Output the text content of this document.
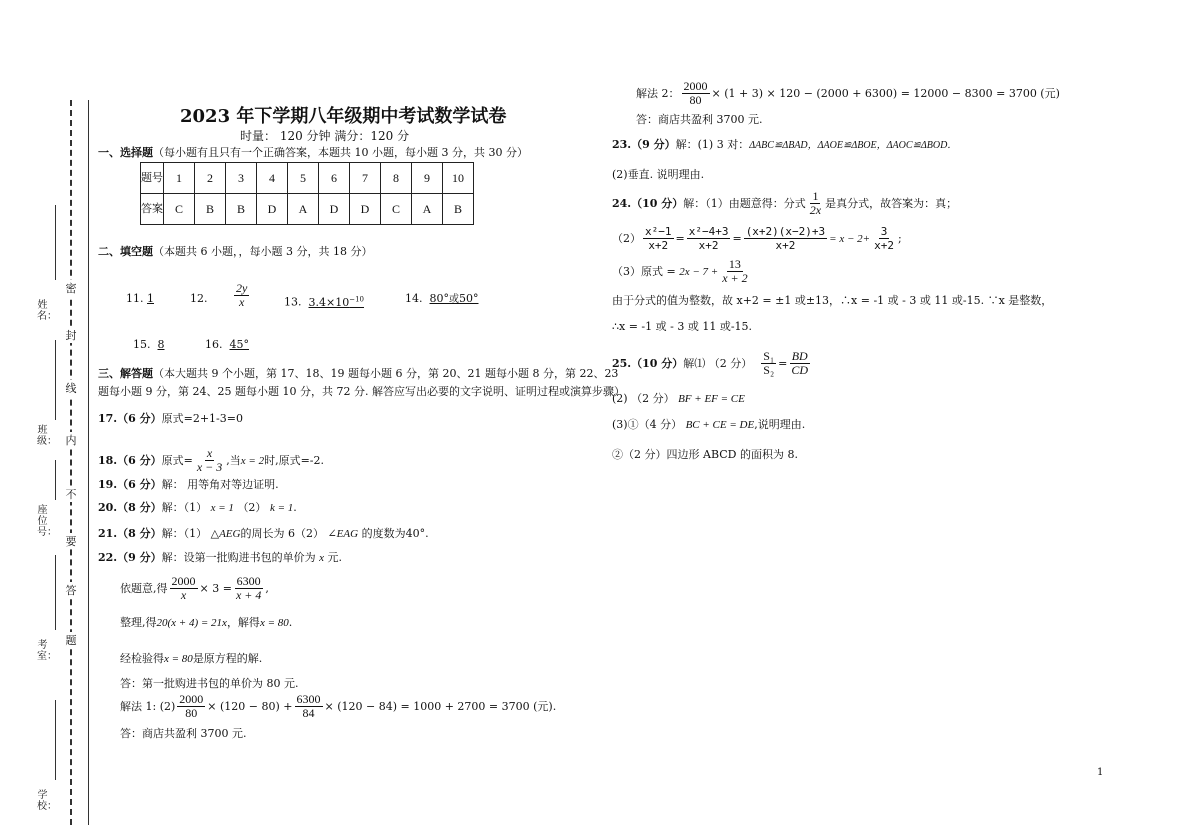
姓名：
班级：
座位号：
考室：
学校：
密
封
线
内
不
要
答
题
2023 年下学期八年级期中考试数学试卷
时量： 120 分钟 满分：120 分
一、选择题（每小题有且只有一个正确答案，本题共 10 小题，每小题 3 分，共 30 分）
题号	1	2	3	4	5	6	7	8	9	10
答案	C	B	B	D	A	D	D	C	A	B
二、填空题（本题共 6 小题，，每小题 3 分，共 18 分）
11. 1	12. $\frac{2y}{x}$	13. $3.4\times 10^{-10}$	14. 80°或50°
15. 8	16. 45°
三、解答题（本大题共 9 个小题，第 17、18、19 题每小题 6 分，第 20、21 题每小题 8 分，第 22、23
题每小题 9 分，第 24、25 题每小题 10 分，共 72 分. 解答应写出必要的文字说明、证明过程或演算步骤）
17.（6 分）原式=2+1-3=0
18.（6 分） 原式= $\frac{x}{x - 3}$ ,当 x = 2 时,原式=-2.
19.（6 分）解： 用等角对等边证明.
20.（8 分）解：（1） x = 1 （2） k = 1.
21.（8 分）解：（1） △AEG的周长为 6（2） ∠EAG 的度数为40°.
22.（9 分）解：设第一批购进书包的单价为 x 元.
依题意,得 $\frac{2000}{x} \times 3 = \frac{6300}{x + 4}$ ,
整理,得20(x + 4) = 21x，解得x = 80.
经检验得x = 80是原方程的解.
答：第一批购进书包的单价为 80 元.
解法 1: $(2) \frac{2000}{80} \times (120 - 80) + \frac{6300}{84} \times (120 - 84) = 1000 + 2700 = 3700$ (元).
答：商店共盈利 3700 元.
解法 2： $\frac{2000}{80} \times (1 + 3) \times 120 - (2000 + 6300) = 12000 - 8300 = 3700$ (元)
答：商店共盈利 3700 元.
23.（9 分）解：(1) 3 对：ΔABC≌ΔBAD，ΔAOE≌ΔBOE，ΔAOC≌ΔBOD．
(2)垂直. 说明理由.
24.（10 分） 解：（1）由题意得：分式 $\frac{1}{2x}$ 是真分式，故答案为：真；
$(2) \frac{\text{x²−1}}{x+2} = \frac{\text{x²−4+3}}{x+2} = \frac{(x+2)(x-2)+3}{x+2} = x - 2+ \frac{3}{x+2}$ ;
（3）原式 =
$2x - 7 + \frac{13}{x + 2}$
由于分式的值为整数，故 x+2 = ±1 或±13，∴x = -1 或 - 3 或 11 或-15. ∵x 是整数，
∴x = -1 或 - 3 或 11 或-15.
25.（10 分） 解⑴ （2 分）
$\frac{\text{S₁}}{\text{S₂}} = \frac{BD}{CD}$
(2) （2 分） BF + EF = CE
(3)①（4 分） BC + CE = DE,说明理由.
②（2 分）四边形 ABCD 的面积为 8.
1
